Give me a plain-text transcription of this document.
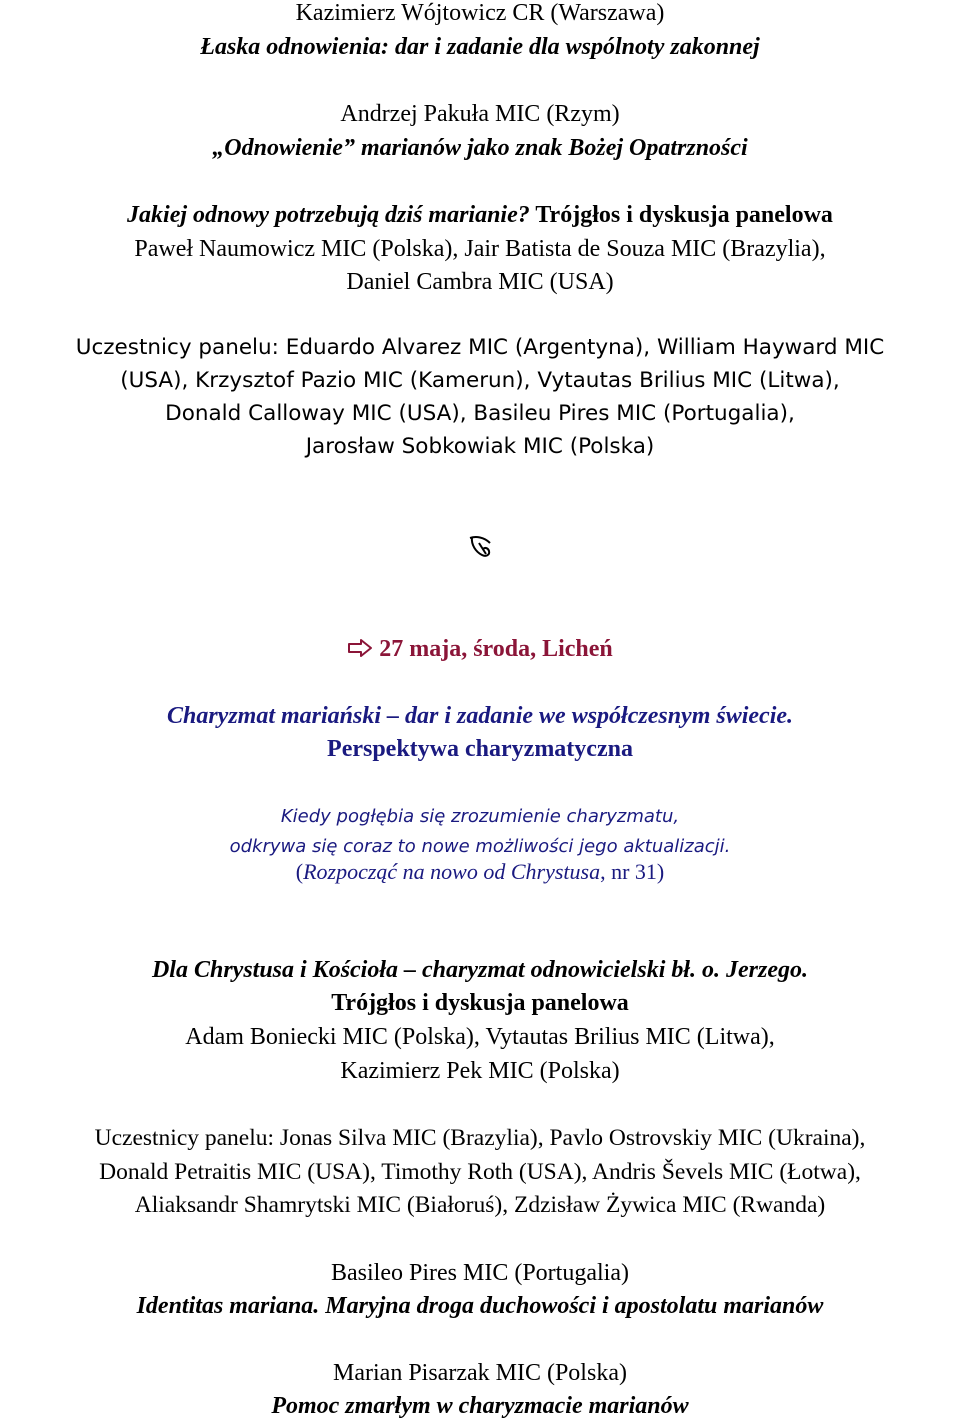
Kazimierz Wójtowicz CR (Warszawa)
Łaska odnowienia: dar i zadanie dla wspólnoty zakonnej
Andrzej Pakuła MIC (Rzym)
„Odnowienie” marianów jako znak Bożej Opatrzności
Jakiej odnowy potrzebują dziś marianie? Trójgłos i dyskusja panelowa
Paweł Naumowicz MIC (Polska), Jair Batista de Souza MIC (Brazylia),
Daniel Cambra MIC (USA)
Uczestnicy panelu: Eduardo Alvarez MIC (Argentyna), William Hayward MIC
(USA), Krzysztof Pazio MIC (Kamerun), Vytautas Brilius MIC (Litwa),
Donald Calloway MIC (USA), Basileu Pires MIC (Portugalia),
Jarosław Sobkowiak MIC (Polska)
27 maja, środa, Licheń
Charyzmat mariański – dar i zadanie we współczesnym świecie.
Perspektywa charyzmatyczna
Kiedy pogłębia się zrozumienie charyzmatu,
odkrywa się coraz to nowe możliwości jego aktualizacji.
(Rozpocząć na nowo od Chrystusa, nr 31)
Dla Chrystusa i Kościoła – charyzmat odnowicielski bł. o. Jerzego.
Trójgłos i dyskusja panelowa
Adam Boniecki MIC (Polska), Vytautas Brilius MIC (Litwa),
Kazimierz Pek MIC (Polska)
Uczestnicy panelu: Jonas Silva MIC (Brazylia), Pavlo Ostrovskiy MIC (Ukraina),
Donald Petraitis MIC (USA), Timothy Roth (USA), Andris Ševels MIC (Łotwa),
Aliaksandr Shamrytski MIC (Białoruś), Zdzisław Żywica MIC (Rwanda)
Basileo Pires MIC (Portugalia)
Identitas mariana. Maryjna droga duchowości i apostolatu marianów
Marian Pisarzak MIC (Polska)
Pomoc zmarłym w charyzmacie marianów
